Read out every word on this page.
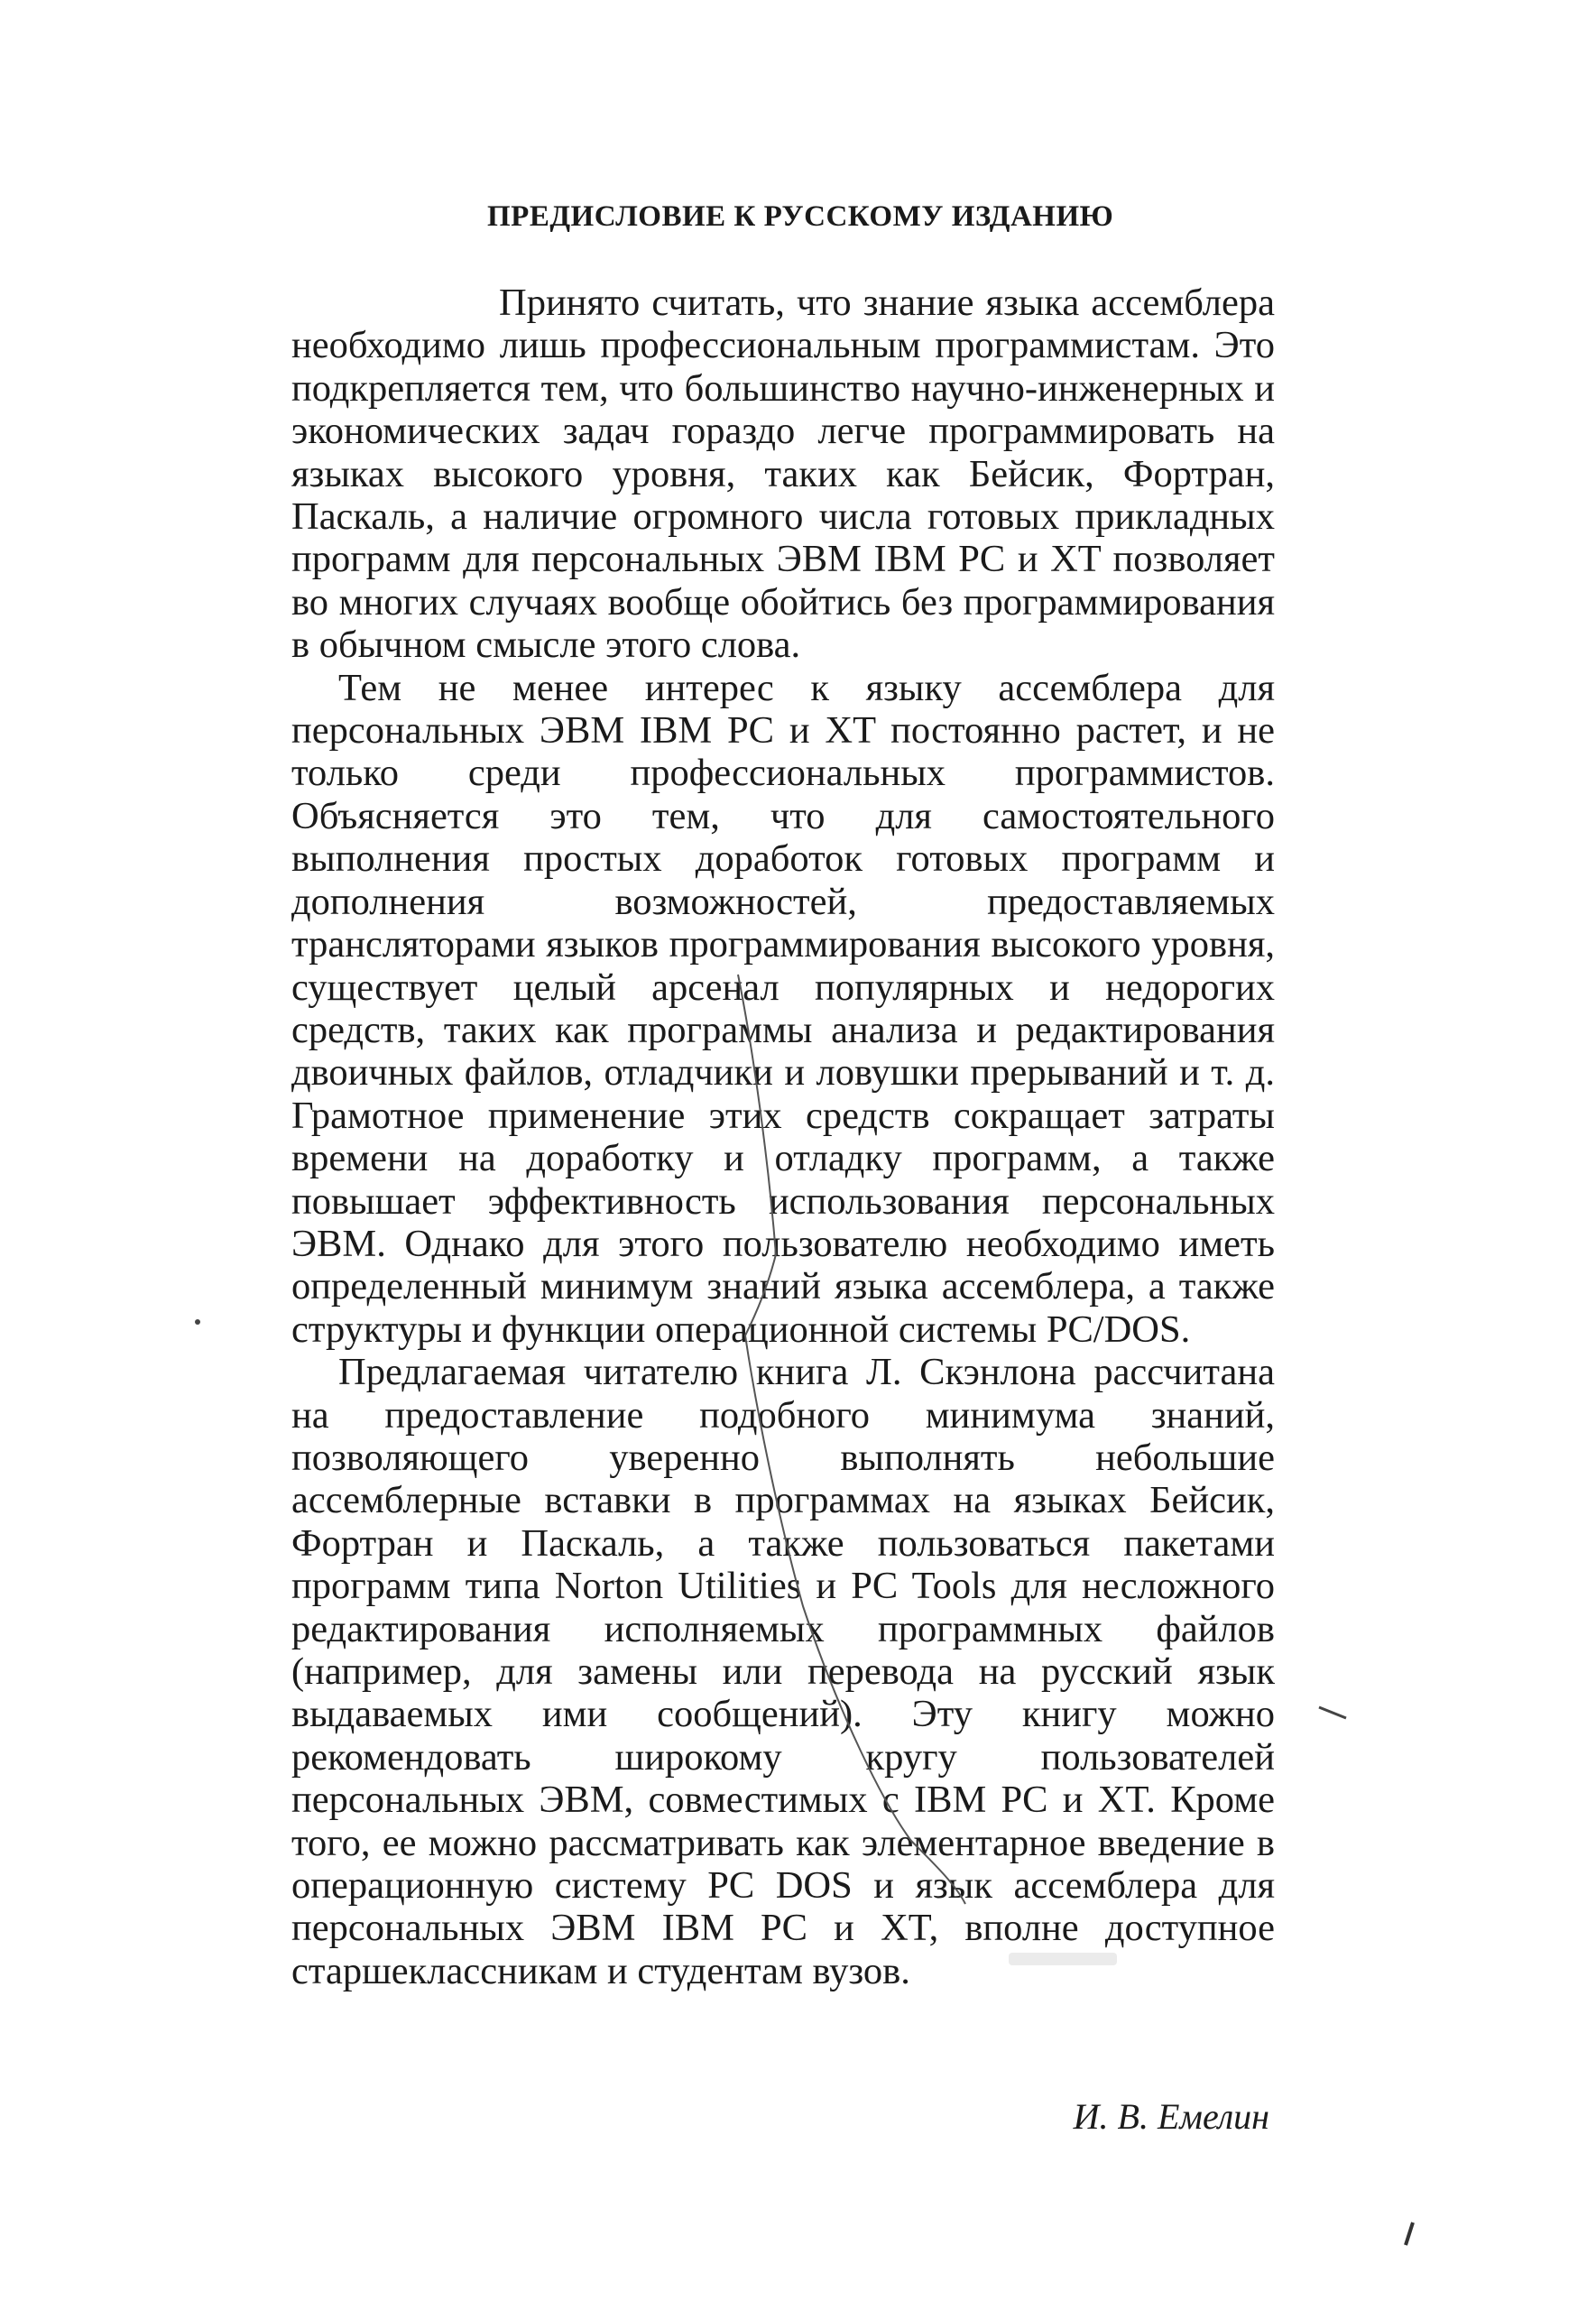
ПРЕДИСЛОВИЕ К РУССКОМУ ИЗДАНИЮ

Принято считать, что знание языка ассемблера необходимо лишь профессиональным программистам. Это подкрепляется тем, что большинство научно-инженерных и экономических задач гораздо легче программировать на языках высокого уровня, таких как Бейсик, Фортран, Паскаль, а наличие огромного числа готовых прикладных программ для персональных ЭВМ IBM PC и XT позволяет во многих случаях вообще обойтись без программирования в обычном смысле этого слова.

Тем не менее интерес к языку ассемблера для персональных ЭВМ IBM PC и XT постоянно растет, и не только среди профессиональных программистов. Объясняется это тем, что для самостоятельного выполнения простых доработок готовых программ и дополнения возможностей, предоставляемых трансляторами языков программирования высокого уровня, существует целый арсенал популярных и недорогих средств, таких как программы анализа и редактирования двоичных файлов, отладчики и ловушки прерываний и т. д. Грамотное применение этих средств сокращает затраты времени на доработку и отладку программ, а также повышает эффективность использования персональных ЭВМ. Однако для этого пользователю необходимо иметь определенный минимум знаний языка ассемблера, а также структуры и функции операционной системы PC/DOS.

Предлагаемая читателю книга Л. Скэнлона рассчитана на предоставление подобного минимума знаний, позволяющего уверенно выполнять небольшие ассемблерные вставки в программах на языках Бейсик, Фортран и Паскаль, а также пользоваться пакетами программ типа Norton Utilities и PC Tools для несложного редактирования исполняемых программных файлов (например, для замены или перевода на русский язык выдаваемых ими сообщений). Эту книгу можно рекомендовать широкому кругу пользователей персональных ЭВМ, совместимых с IBM PC и XT. Кроме того, ее можно рассматривать как элементарное введение в операционную систему PC DOS и язык ассемблера для персональных ЭВМ IBM PC и XT, вполне доступное старшеклассникам и студентам вузов.

И. В. Емелин
